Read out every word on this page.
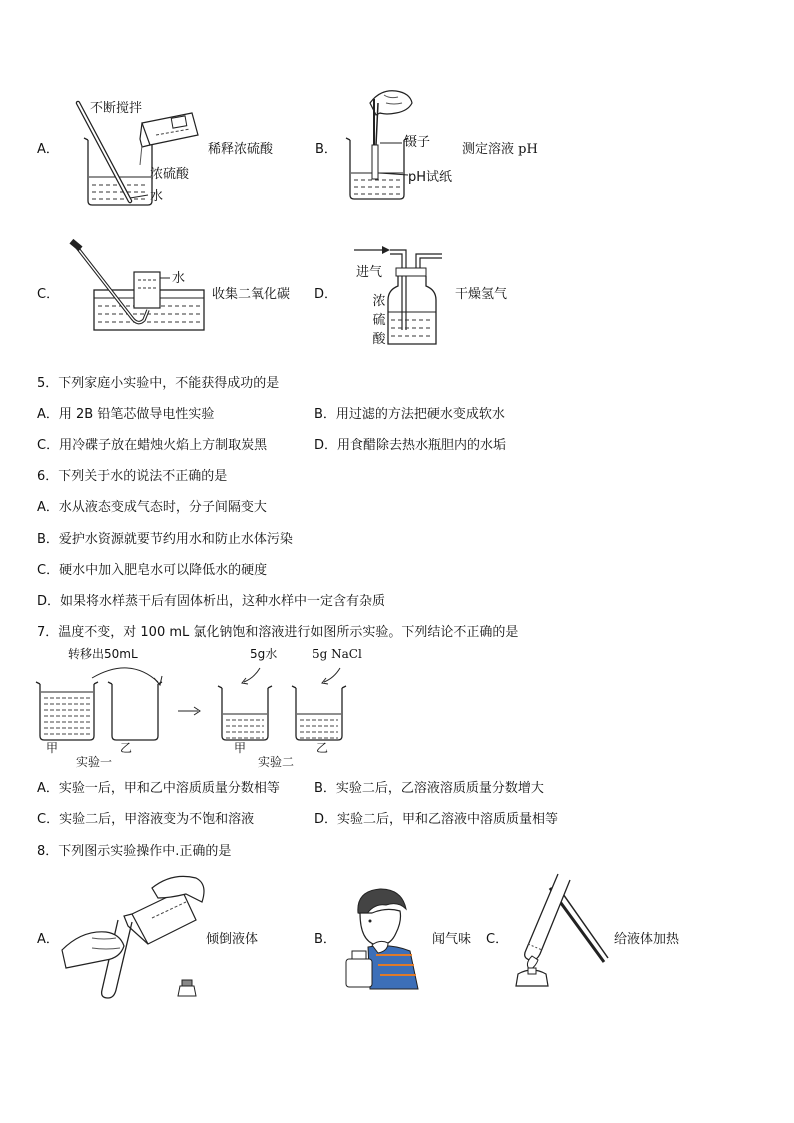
A．
不断搅拌
浓硫酸
水
稀释浓硫酸	B．	镊子
pH试纸
测定溶液 pH
C．
水
收集二氧化碳 D．
进气
浓
硫
酸
干燥氢气
5．下列家庭小实验中，不能获得成功的是
A．用 2B 铅笔芯做导电性实验	B．用过滤的方法把硬水变成软水
C．用冷碟子放在蜡烛火焰上方制取炭黑	D．用食醋除去热水瓶胆内的水垢
6．下列关于水的说法不正确的是
A．水从液态变成气态时，分子间隔变大
B．爱护水资源就要节约用水和防止水体污染
C．硬水中加入肥皂水可以降低水的硬度
D．如果将水样蒸干后有固体析出，这种水样中一定含有杂质
7．温度不变，对 100 mL 氯化钠饱和溶液进行如图所示实验。下列结论不正确的是
转移出50mL	5g水	5g NaCl
甲	乙
实验一
甲	乙
实验二
A．实验一后，甲和乙中溶质质量分数相等	B．实验二后，乙溶液溶质质量分数增大
C．实验二后，甲溶液变为不饱和溶液	D．实验二后，甲和乙溶液中溶质质量相等
8．下列图示实验操作中.正确的是
A．	倾倒液体	B．	闻气味 C．	给液体加热
